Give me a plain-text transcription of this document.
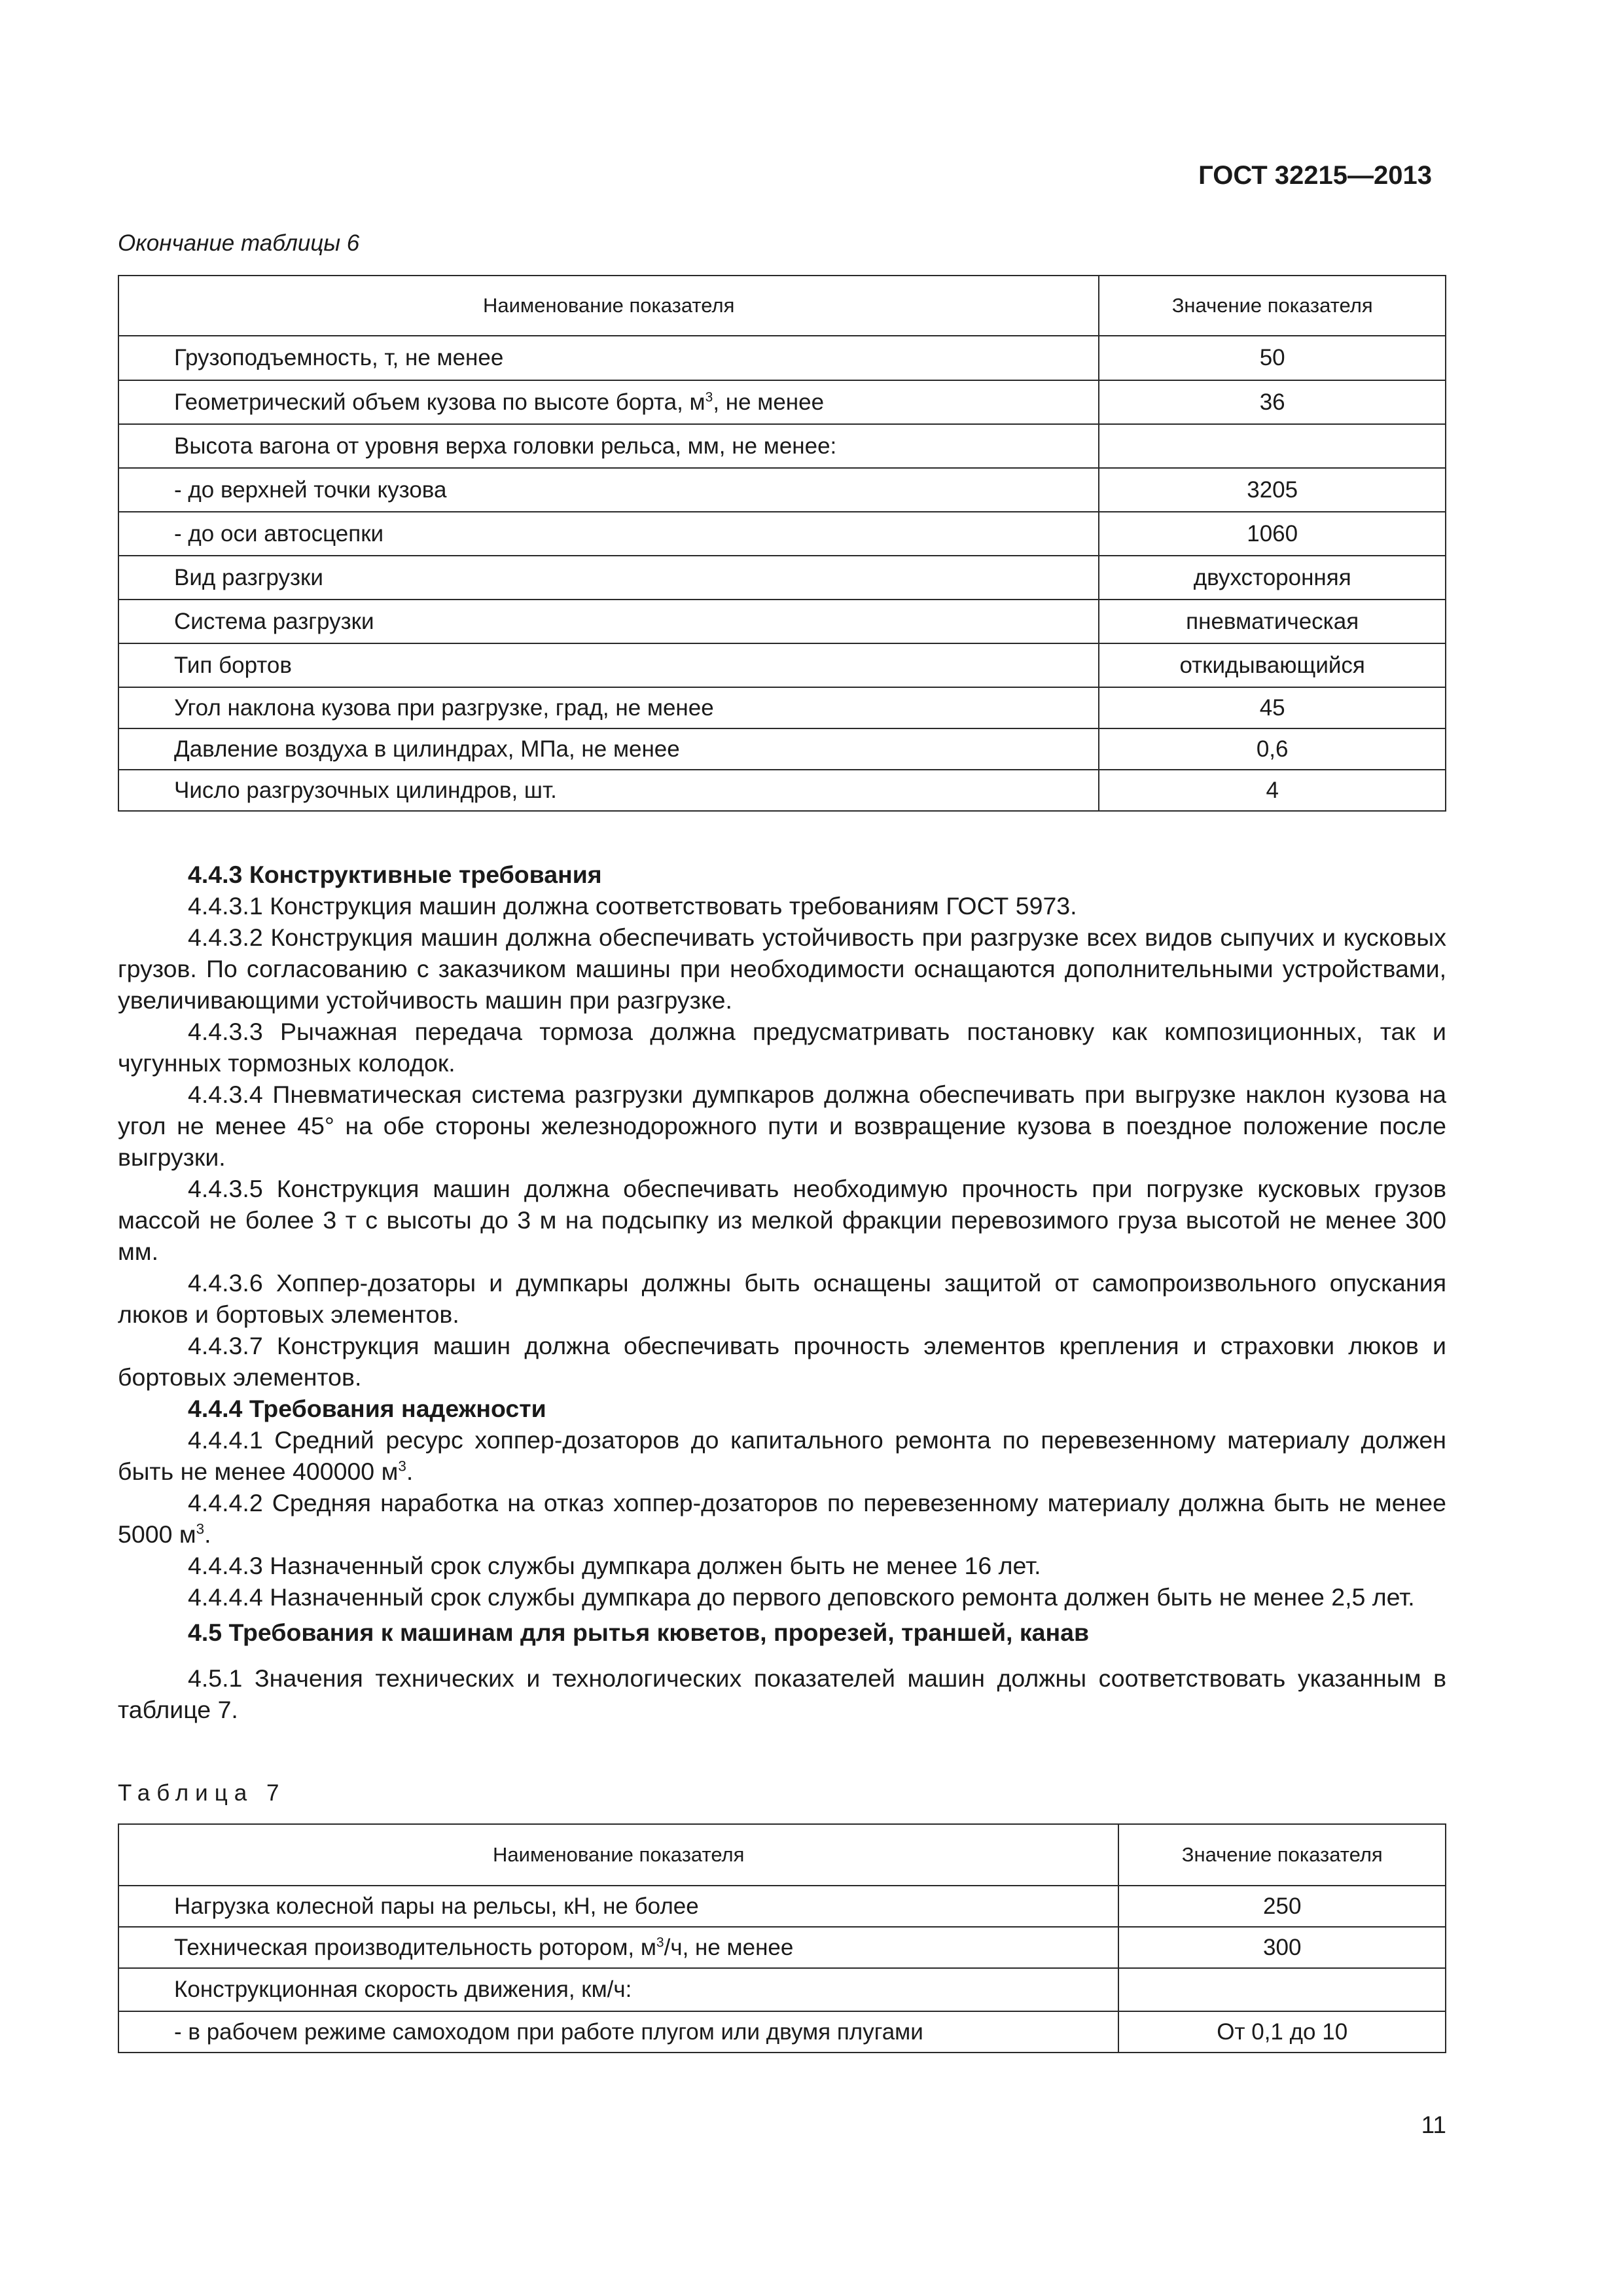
ГОСТ 32215—2013
Окончание таблицы 6
Наименование показателя	Значение показателя
Грузоподъемность, т, не менее	50
Геометрический объем кузова по высоте борта, $м^3$, не менее	36
Высота вагона от уровня верха головки рельса, мм, не менее:	
- до верхней точки кузова	3205
- до оси автосцепки	1060
Вид разгрузки	двухсторонняя
Система разгрузки	пневматическая
Тип бортов	откидывающийся
Угол наклона кузова при разгрузке, град, не менее	45
Давление воздуха в цилиндрах, МПа, не менее	0,6
Число разгрузочных цилиндров, шт.	4

4.4.3 Конструктивные требования

4.4.3.1 Конструкция машин должна соответствовать требованиям ГОСТ 5973.

4.4.3.2 Конструкция машин должна обеспечивать устойчивость при разгрузке всех видов сыпучих и кусковых грузов. По согласованию с заказчиком машины при необходимости оснащаются дополнительными устройствами, увеличивающими устойчивость машин при разгрузке.

4.4.3.3 Рычажная передача тормоза должна предусматривать постановку как композиционных, так и чугунных тормозных колодок.

4.4.3.4 Пневматическая система разгрузки думпкаров должна обеспечивать при выгрузке наклон кузова на угол не менее 45° на обе стороны железнодорожного пути и возвращение кузова в поездное положение после выгрузки.

4.4.3.5 Конструкция машин должна обеспечивать необходимую прочность при погрузке кусковых грузов массой не более 3 т с высоты до 3 м на подсыпку из мелкой фракции перевозимого груза высотой не менее 300 мм.

4.4.3.6 Хоппер-дозаторы и думпкары должны быть оснащены защитой от самопроизвольного опускания люков и бортовых элементов.

4.4.3.7 Конструкция машин должна обеспечивать прочность элементов крепления и страховки люков и бортовых элементов.

4.4.4 Требования надежности

4.4.4.1 Средний ресурс хоппер-дозаторов до капитального ремонта по перевезенному материалу должен быть не менее 400000 $м^3$.

4.4.4.2 Средняя наработка на отказ хоппер-дозаторов по перевезенному материалу должна быть не менее 5000 $м^3$.

4.4.4.3 Назначенный срок службы думпкара должен быть не менее 16 лет.

4.4.4.4 Назначенный срок службы думпкара до первого деповского ремонта должен быть не менее 2,5 лет.

4.5 Требования к машинам для рытья кюветов, прорезей, траншей, канав

4.5.1 Значения технических и технологических показателей машин должны соответствовать указанным в таблице 7.

Таблица 7
Наименование показателя	Значение показателя
Нагрузка колесной пары на рельсы, кН, не более	250
Техническая производительность ротором, $м^3/ч$, не менее	300
Конструкционная скорость движения, км/ч:	
- в рабочем режиме самоходом при работе плугом или двумя плугами	От 0,1 до 10
11
